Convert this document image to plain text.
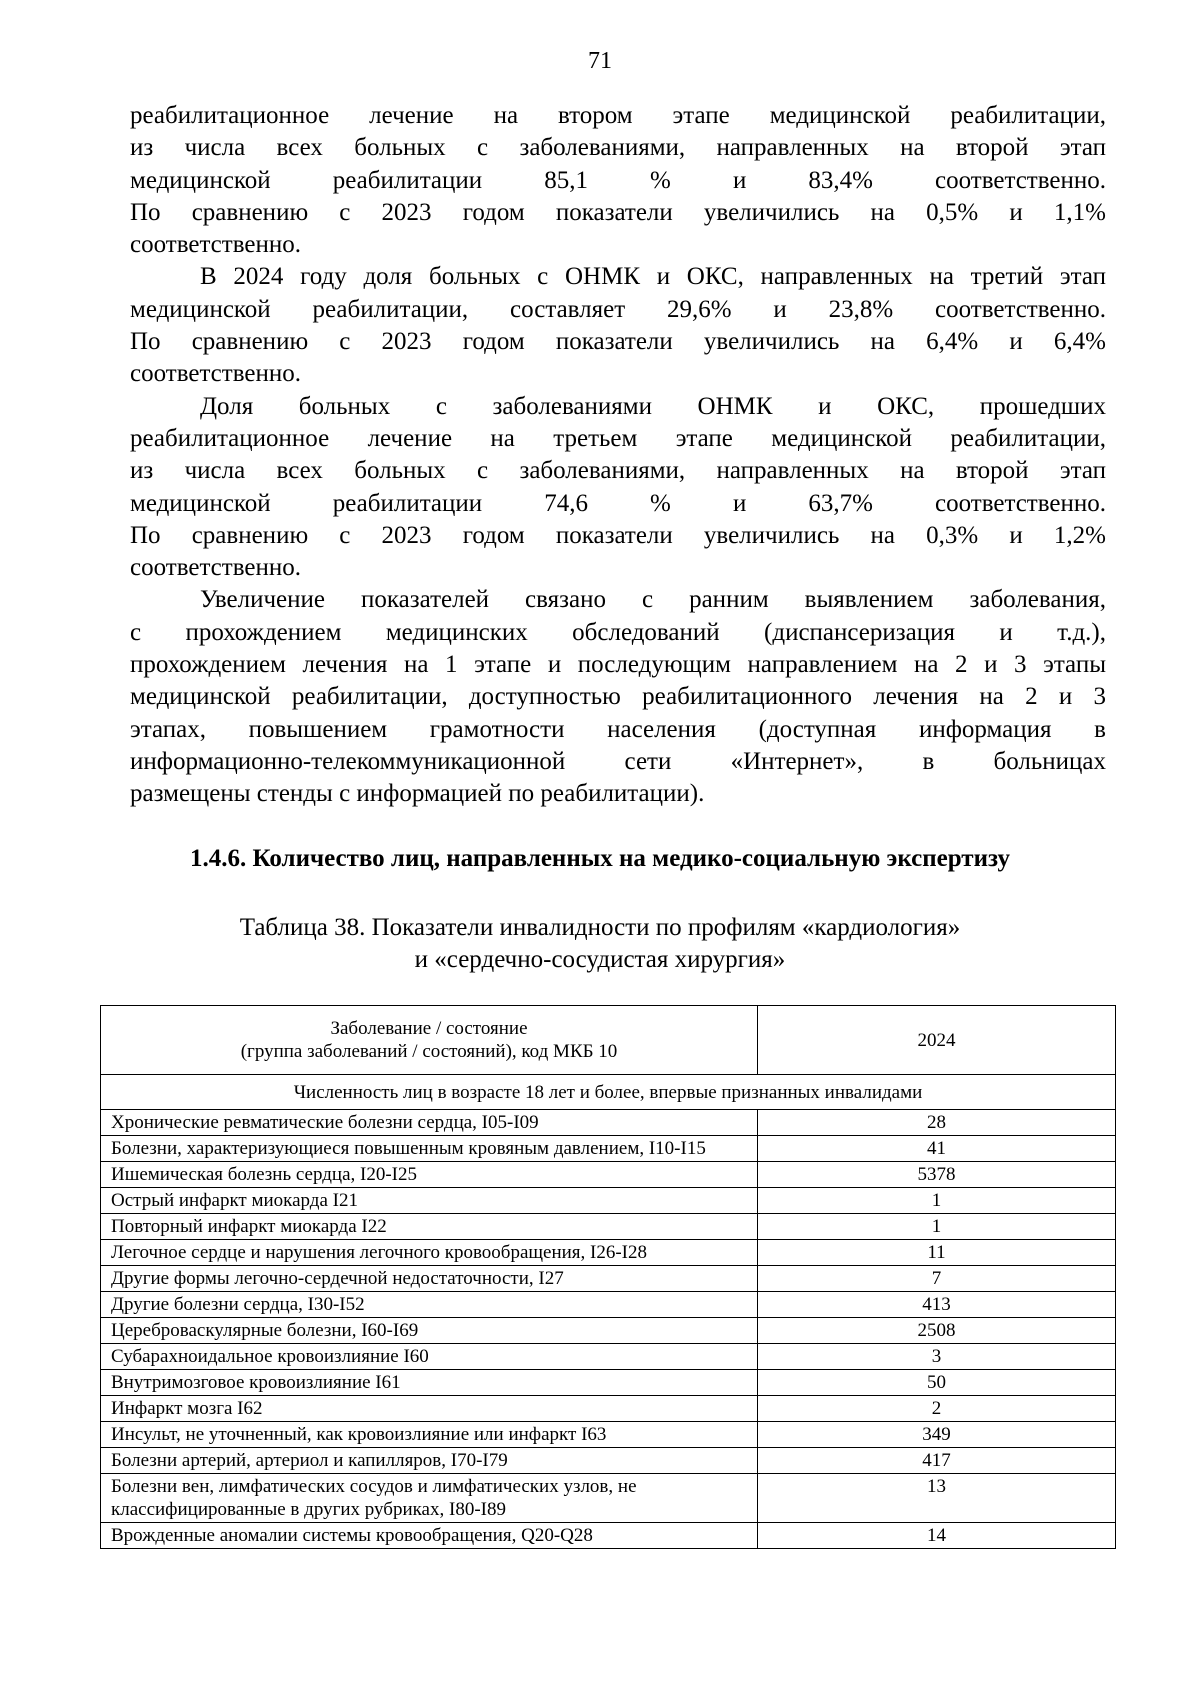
71

реабилитационное лечение на втором этапе медицинской реабилитации,
из числа всех больных с заболеваниями, направленных на второй этап
медицинской реабилитации 85,1 % и 83,4% соответственно.
По сравнению с 2023 годом показатели увеличились на 0,5% и 1,1%
соответственно.

В 2024 году доля больных с ОНМК и ОКС, направленных на третий этап
медицинской реабилитации, составляет 29,6% и 23,8% соответственно.
По сравнению с 2023 годом показатели увеличились на 6,4% и 6,4%
соответственно.

Доля больных с заболеваниями ОНМК и ОКС, прошедших
реабилитационное лечение на третьем этапе медицинской реабилитации,
из числа всех больных с заболеваниями, направленных на второй этап
медицинской реабилитации 74,6 % и 63,7% соответственно.
По сравнению с 2023 годом показатели увеличились на 0,3% и 1,2%
соответственно.

Увеличение показателей связано с ранним выявлением заболевания,
с прохождением медицинских обследований (диспансеризация и т.д.),
прохождением лечения на 1 этапе и последующим направлением на 2 и 3 этапы
медицинской реабилитации, доступностью реабилитационного лечения на 2 и 3
этапах, повышением грамотности населения (доступная информация в
информационно-телекоммуникационной сети «Интернет», в больницах
размещены стенды с информацией по реабилитации).

1.4.6. Количество лиц, направленных на медико-социальную экспертизу
Таблица 38. Показатели инвалидности по профилям «кардиология»
и «сердечно-сосудистая хирургия»
Заболевание / состояние
(группа заболеваний / состояний), код МКБ 10	2024
Численность лиц в возрасте 18 лет и более, впервые признанных инвалидами	
Хронические ревматические болезни сердца, I05-I09	28
Болезни, характеризующиеся повышенным кровяным давлением, I10-I15	41
Ишемическая болезнь сердца, I20-I25	5378
Острый инфаркт миокарда I21	1
Повторный инфаркт миокарда I22	1
Легочное сердце и нарушения легочного кровообращения, I26-I28	11
Другие формы легочно-сердечной недостаточности, I27	7
Другие болезни сердца, I30-I52	413
Цереброваскулярные болезни, I60-I69	2508
Субарахноидальное кровоизлияние I60	3
Внутримозговое кровоизлияние I61	50
Инфаркт мозга I62	2
Инсульт, не уточненный, как кровоизлияние или инфаркт I63	349
Болезни артерий, артериол и капилляров, I70-I79	417
Болезни вен, лимфатических сосудов и лимфатических узлов, не классифицированные в других рубриках, I80-I89	13
Врожденные аномалии системы кровообращения, Q20-Q28	14
